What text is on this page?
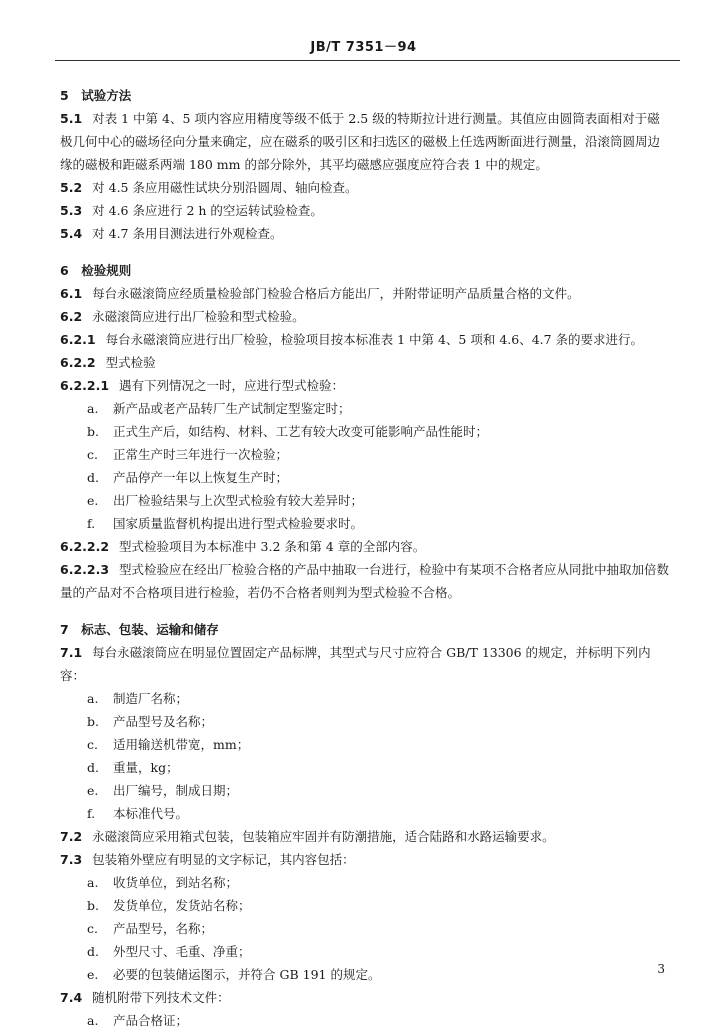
JB/T 7351－94
5　试验方法
5.1 对表 1 中第 4、5 项内容应用精度等级不低于 2.5 级的特斯拉计进行测量。其值应由圆筒表面相对于磁极几何中心的磁场径向分量来确定，应在磁系的吸引区和扫选区的磁极上任选两断面进行测量，沿滚筒圆周边缘的磁极和距磁系两端 180 mm 的部分除外，其平均磁感应强度应符合表 1 中的规定。
5.2 对 4.5 条应用磁性试块分别沿圆周、轴向检查。
5.3 对 4.6 条应进行 2 h 的空运转试验检查。
5.4 对 4.7 条用目测法进行外观检查。
6　检验规则
6.1 每台永磁滚筒应经质量检验部门检验合格后方能出厂，并附带证明产品质量合格的文件。
6.2 永磁滚筒应进行出厂检验和型式检验。
6.2.1 每台永磁滚筒应进行出厂检验，检验项目按本标准表 1 中第 4、5 项和 4.6、4.7 条的要求进行。
6.2.2 型式检验
6.2.2.1 遇有下列情况之一时，应进行型式检验：
a. 新产品或老产品转厂生产试制定型鉴定时；
b. 正式生产后，如结构、材料、工艺有较大改变可能影响产品性能时；
c. 正常生产时三年进行一次检验；
d. 产品停产一年以上恢复生产时；
e. 出厂检验结果与上次型式检验有较大差异时；
f. 国家质量监督机构提出进行型式检验要求时。
6.2.2.2 型式检验项目为本标准中 3.2 条和第 4 章的全部内容。
6.2.2.3 型式检验应在经出厂检验合格的产品中抽取一台进行，检验中有某项不合格者应从同批中抽取加倍数量的产品对不合格项目进行检验，若仍不合格者则判为型式检验不合格。
7　标志、包装、运输和储存
7.1 每台永磁滚筒应在明显位置固定产品标牌，其型式与尺寸应符合 GB/T 13306 的规定，并标明下列内容：
a. 制造厂名称；
b. 产品型号及名称；
c. 适用输送机带宽，mm；
d. 重量，kg；
e. 出厂编号，制成日期；
f. 本标准代号。
7.2 永磁滚筒应采用箱式包装，包装箱应牢固并有防潮措施，适合陆路和水路运输要求。
7.3 包装箱外壁应有明显的文字标记，其内容包括：
a. 收货单位，到站名称；
b. 发货单位，发货站名称；
c. 产品型号，名称；
d. 外型尺寸、毛重、净重；
e. 必要的包装储运图示，并符合 GB 191 的规定。
7.4 随机附带下列技术文件：
a. 产品合格证；
3
